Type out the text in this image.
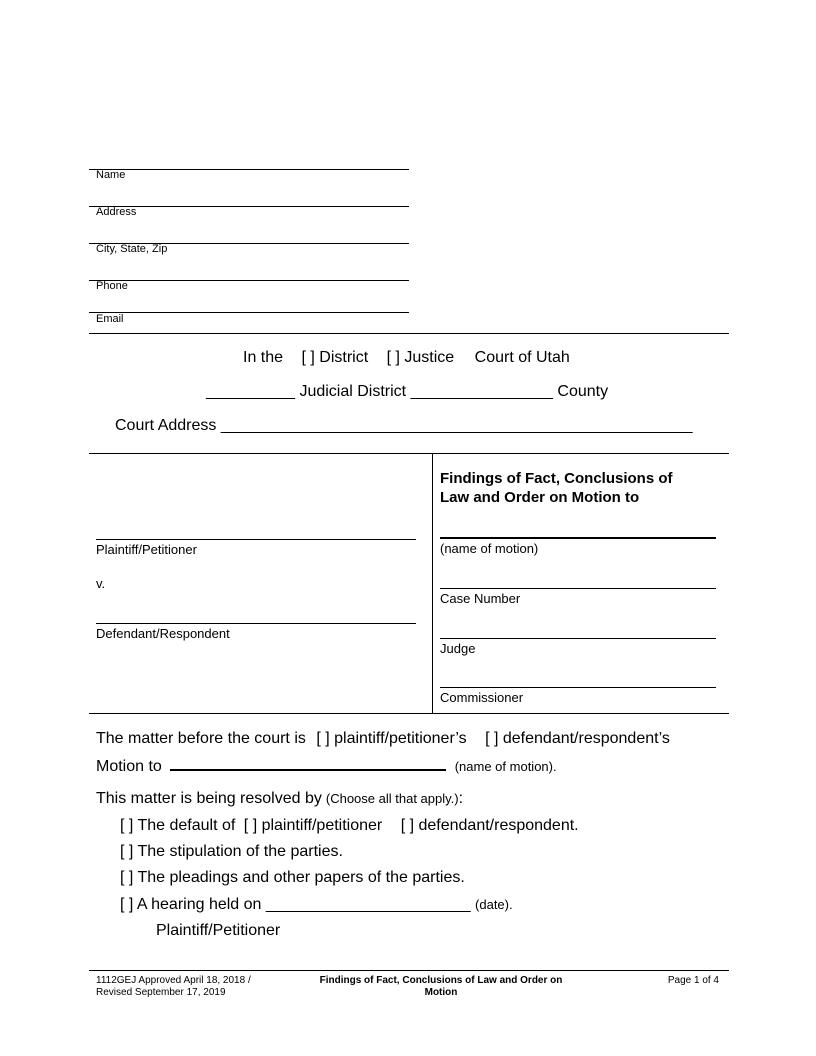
Name
Address
City, State, Zip
Phone
Email
In the [ ] District [ ] Justice Court of Utah
__________ Judicial District ________________ County
Court Address _____________________________________________________
Plaintiff/Petitioner
v.
Defendant/Respondent
Findings of Fact, Conclusions of
Law and Order on Motion to
(name of motion)
Case Number
Judge
Commissioner
The matter before the court is [ ] plaintiff/petitioner’s [ ] defendant/respondent’s
Motion to	(name of motion).
This matter is being resolved by (Choose all that apply.):
[ ] The default of [ ] plaintiff/petitioner [ ] defendant/respondent.
[ ] The stipulation of the parties.
[ ] The pleadings and other papers of the parties.
[ ] A hearing held on _______________________ (date).
Plaintiff/Petitioner
1112GEJ Approved April 18, 2018 /
Revised September 17, 2019
Findings of Fact, Conclusions of Law and Order on
Motion
Page 1 of 4
